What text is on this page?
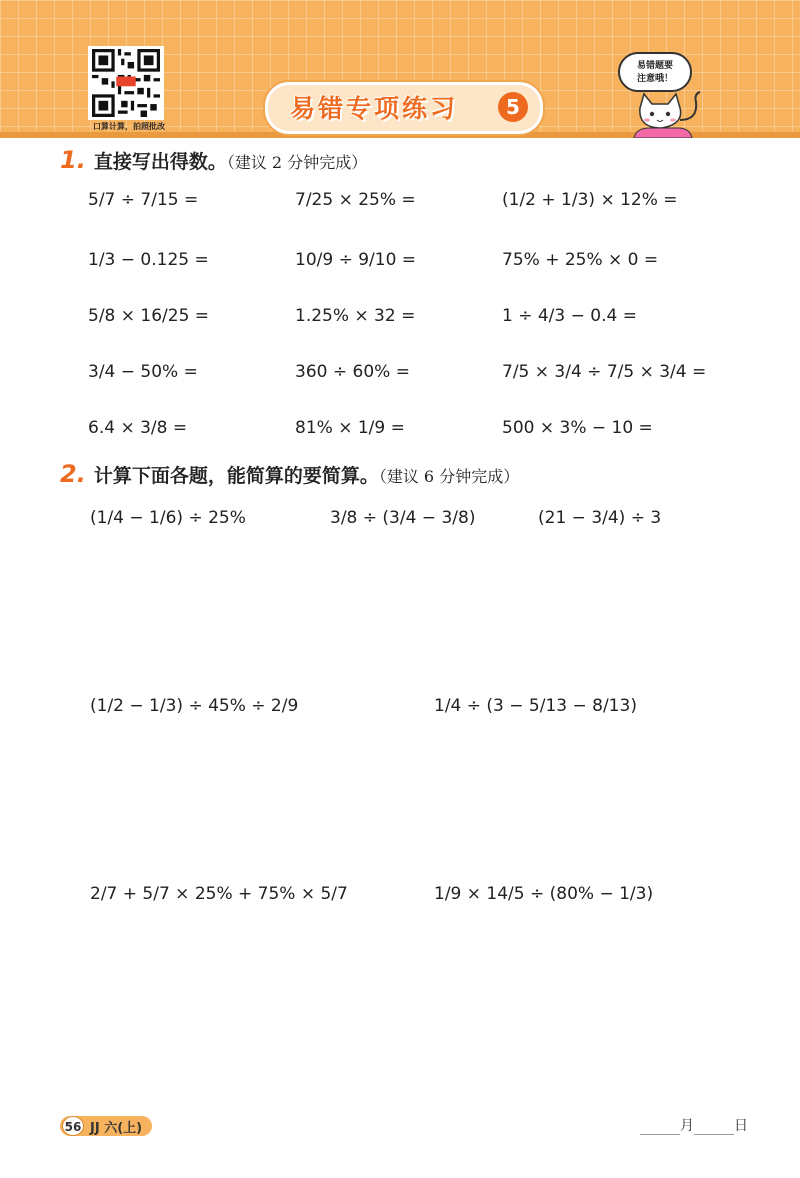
口算计算，拍照批改
易错专项练习	5
易错题要
注意哦！
1. 直接写出得数。（建议 2 分钟完成）
5/7 ÷ 7/15 =	7/25 × 25% =	(1/2 + 1/3) × 12% =
1/3 − 0.125 =	10/9 ÷ 9/10 =	75% + 25% × 0 =
5/8 × 16/25 =	1.25% × 32 =	1 ÷ 4/3 − 0.4 =
3/4 − 50% =	360 ÷ 60% =	7/5 × 3/4 ÷ 7/5 × 3/4 =
6.4 × 3/8 =	81% × 1/9 =	500 × 3% − 10 =
2. 计算下面各题，能简算的要简算。（建议 6 分钟完成）
(1/4 − 1/6) ÷ 25%	3/8 ÷ (3/4 − 3/8)	(21 − 3/4) ÷ 3
(1/2 − 1/3) ÷ 45% ÷ 2/9	1/4 ÷ (3 − 5/13 − 8/13)
2/7 + 5/7 × 25% + 75% × 5/7	1/9 × 14/5 ÷ (80% − 1/3)
56 JJ 六(上)	月	日
